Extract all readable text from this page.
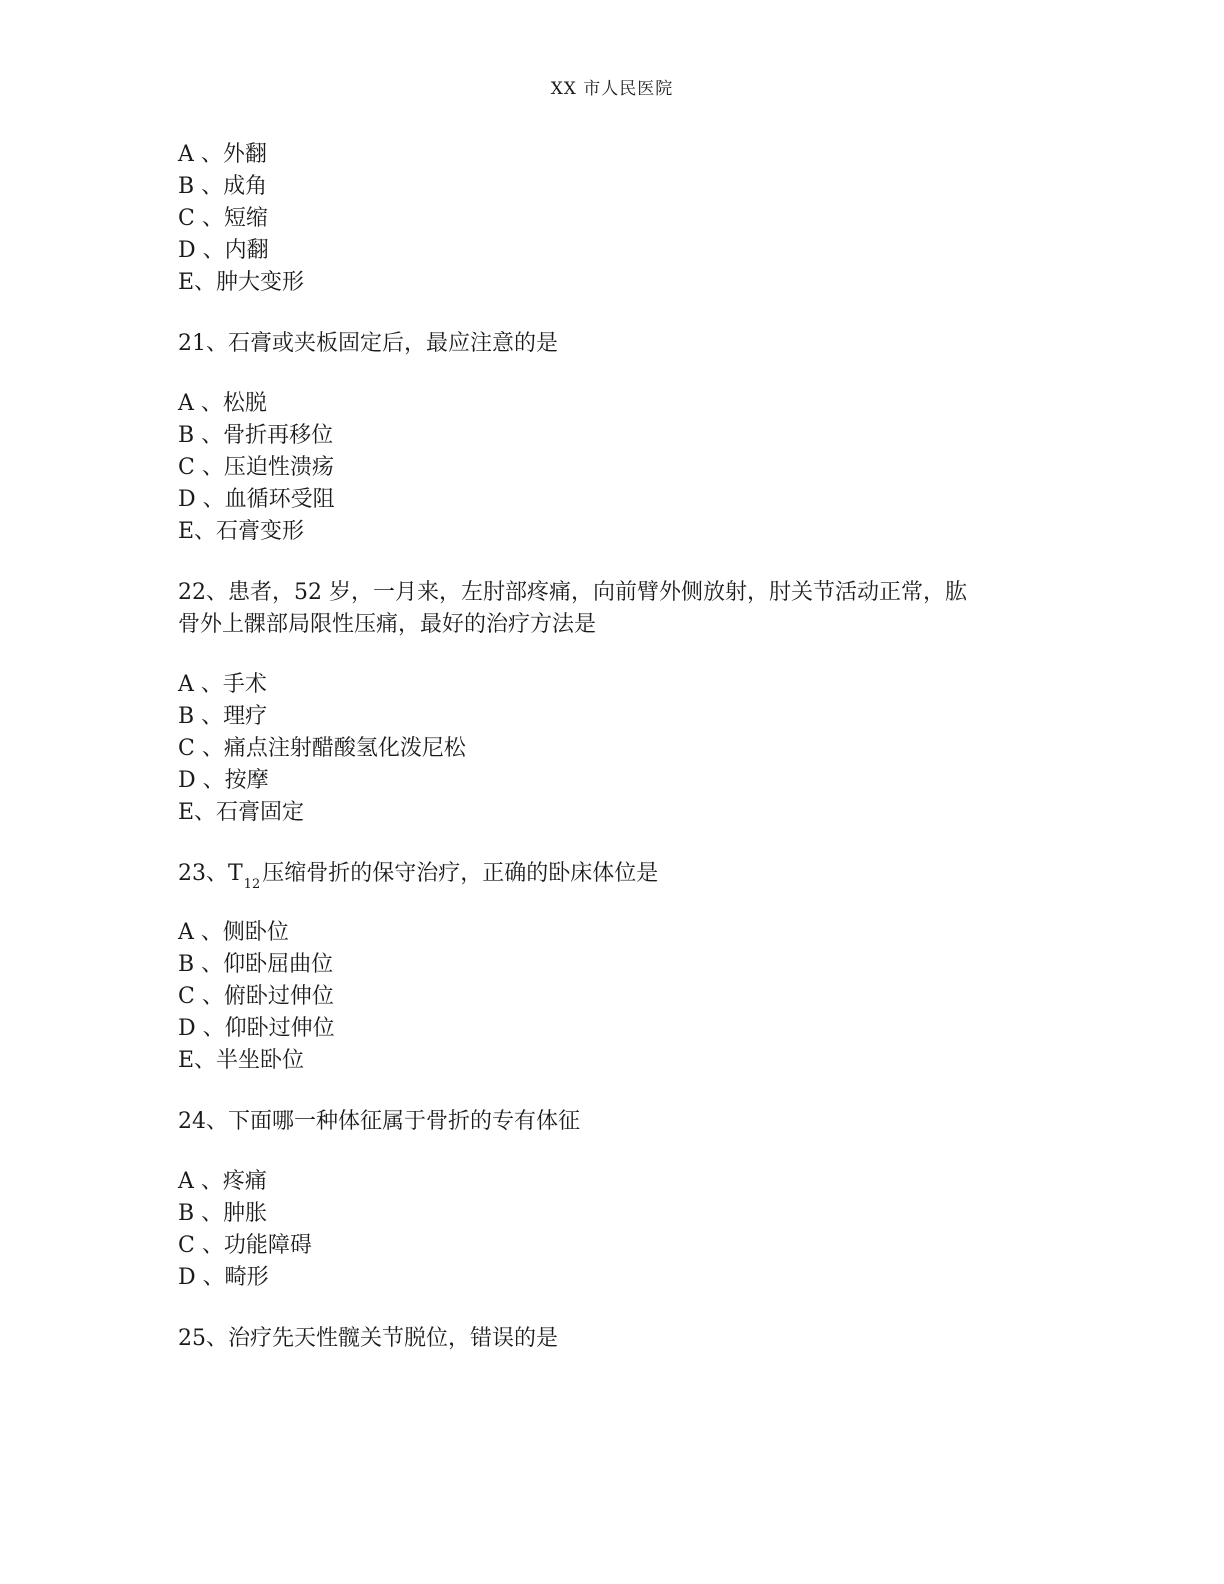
XX 市人民医院
A 、外翻
B 、成角
C 、短缩
D 、内翻
E、肿大变形
21、石膏或夹板固定后，最应注意的是
A 、松脱
B 、骨折再移位
C 、压迫性溃疡
D 、血循环受阻
E、石膏变形
22、患者，52 岁，一月来，左肘部疼痛，向前臂外侧放射，肘关节活动正常，肱
骨外上髁部局限性压痛，最好的治疗方法是
A 、手术
B 、理疗
C 、痛点注射醋酸氢化泼尼松
D 、按摩
E、石膏固定
23、$T_{12}$压缩骨折的保守治疗，正确的卧床体位是
A 、侧卧位
B 、仰卧屈曲位
C 、俯卧过伸位
D 、仰卧过伸位
E、半坐卧位
24、下面哪一种体征属于骨折的专有体征
A 、疼痛
B 、肿胀
C 、功能障碍
D 、畸形
25、治疗先天性髋关节脱位，错误的是
